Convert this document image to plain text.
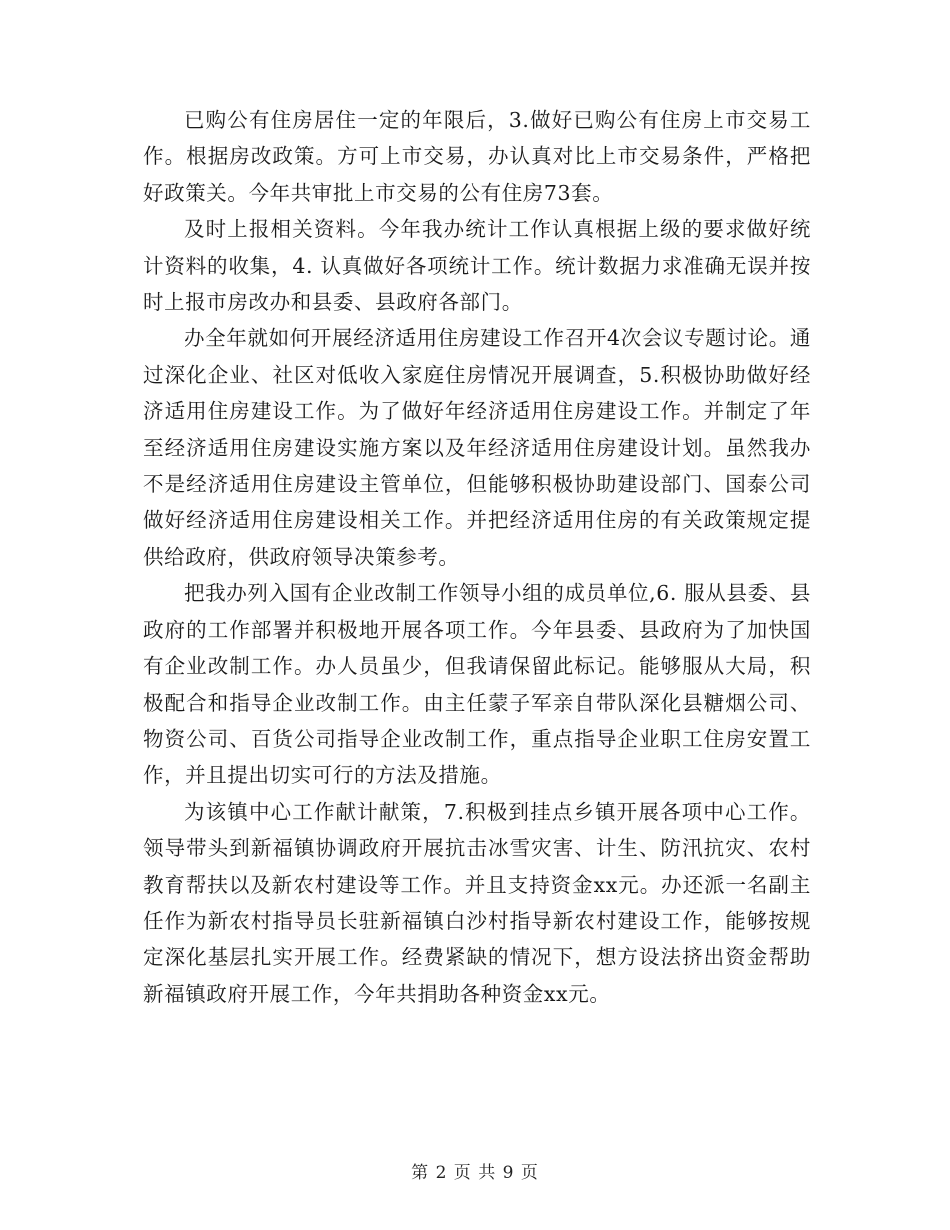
已购公有住房居住一定的年限后，3.做好已购公有住房上市交易工作。根据房改政策。方可上市交易，办认真对比上市交易条件，严格把好政策关。今年共审批上市交易的公有住房73套。

及时上报相关资料。今年我办统计工作认真根据上级的要求做好统计资料的收集，4. 认真做好各项统计工作。统计数据力求准确无误并按时上报市房改办和县委、县政府各部门。

办全年就如何开展经济适用住房建设工作召开4次会议专题讨论。通过深化企业、社区对低收入家庭住房情况开展调查，5.积极协助做好经济适用住房建设工作。为了做好年经济适用住房建设工作。并制定了年至经济适用住房建设实施方案以及年经济适用住房建设计划。虽然我办不是经济适用住房建设主管单位，但能够积极协助建设部门、国泰公司做好经济适用住房建设相关工作。并把经济适用住房的有关政策规定提供给政府，供政府领导决策参考。

把我办列入国有企业改制工作领导小组的成员单位,6. 服从县委、县政府的工作部署并积极地开展各项工作。今年县委、县政府为了加快国有企业改制工作。办人员虽少，但我请保留此标记。能够服从大局，积极配合和指导企业改制工作。由主任蒙子军亲自带队深化县糖烟公司、物资公司、百货公司指导企业改制工作，重点指导企业职工住房安置工作，并且提出切实可行的方法及措施。

为该镇中心工作献计献策，7.积极到挂点乡镇开展各项中心工作。领导带头到新福镇协调政府开展抗击冰雪灾害、计生、防汛抗灾、农村教育帮扶以及新农村建设等工作。并且支持资金xx元。办还派一名副主任作为新农村指导员长驻新福镇白沙村指导新农村建设工作，能够按规定深化基层扎实开展工作。经费紧缺的情况下，想方设法挤出资金帮助新福镇政府开展工作，今年共捐助各种资金xx元。

第 2 页 共 9 页
